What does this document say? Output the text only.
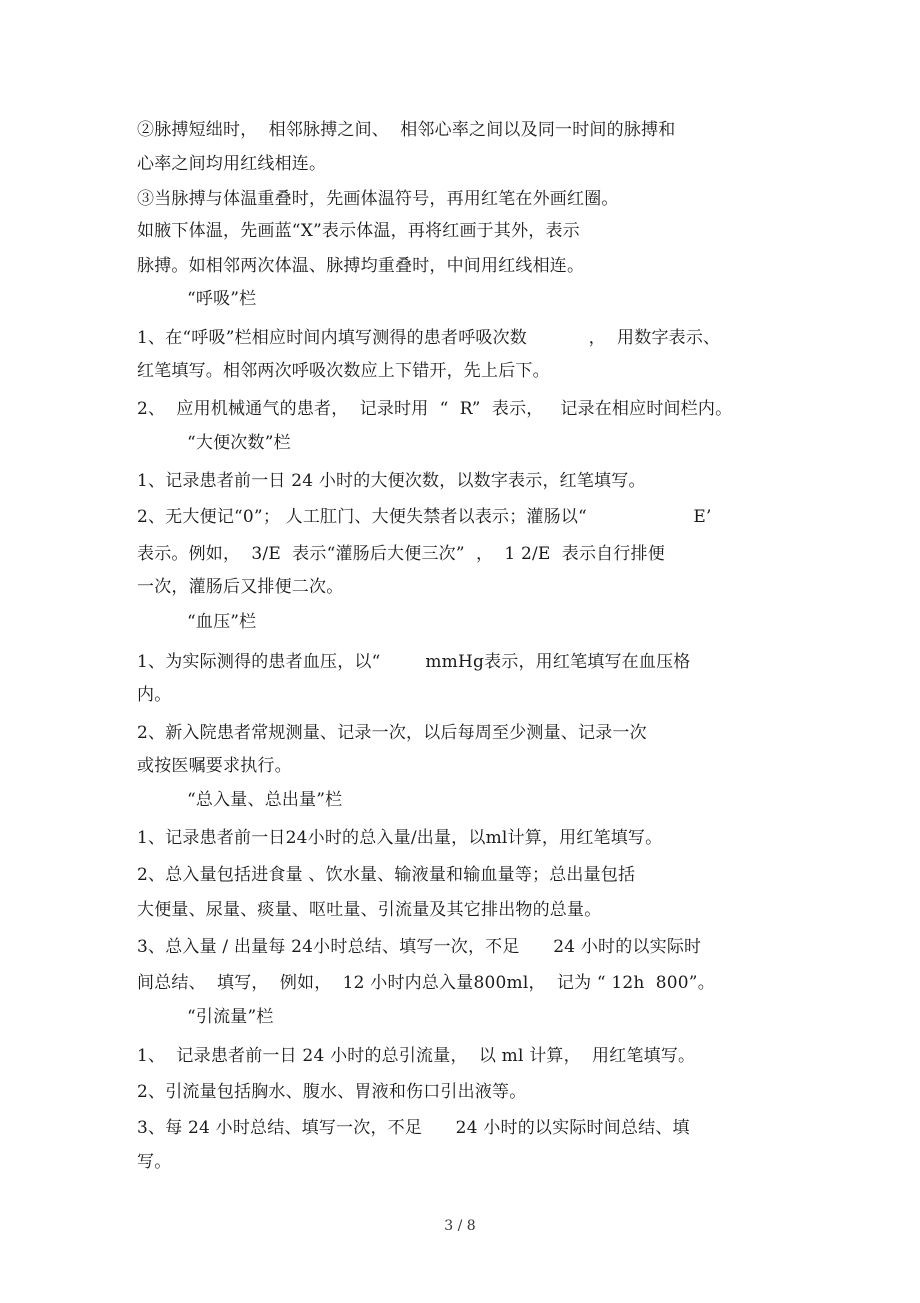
②脉搏短绌时，  相邻脉搏之间、  相邻心率之间以及同一时间的脉搏和
心率之间均用红线相连。
③当脉搏与体温重叠时，先画体温符号，再用红笔在外画红圈。
如腋下体温，先画蓝“X”表示体温，再将红画于其外，表示
脉搏。如相邻两次体温、脉搏均重叠时，中间用红线相连。
“呼吸”栏
1、在“呼吸”栏相应时间内填写测得的患者呼吸次数           ，  用数字表示、
红笔填写。相邻两次呼吸次数应上下错开，先上后下。
2、  应用机械通气的患者，  记录时用  “  R”  表示，   记录在相应时间栏内。
“大便次数”栏
1、记录患者前一日 24 小时的大便次数，以数字表示，红笔填写。
2、无大便记“0”； 人工肛门、大便失禁者以表示；灌肠以“                   E’
表示。例如，  3/E  表示“灌肠后大便三次”  ，  1 2/E  表示自行排便
一次，灌肠后又排便二次。
“血压”栏
1、为实际测得的患者血压，以“        mmHg表示，用红笔填写在血压格
内。
2、新入院患者常规测量、记录一次，以后每周至少测量、记录一次
或按医嘱要求执行。
“总入量、总出量”栏
1、记录患者前一日24小时的总入量/出量，以ml计算，用红笔填写。
2、总入量包括进食量 、饮水量、输液量和输血量等；总出量包括
大便量、尿量、痰量、呕吐量、引流量及其它排出物的总量。
3、总入量 / 出量每 24小时总结、填写一次，不足      24 小时的以实际时
间总结、  填写，  例如，  12 小时内总入量800ml，  记为 “ 12h  800”。
“引流量”栏
1、  记录患者前一日 24 小时的总引流量，  以 ml 计算，  用红笔填写。
2、引流量包括胸水、腹水、胃液和伤口引出液等。
3、每 24 小时总结、填写一次，不足      24 小时的以实际时间总结、填
写。
3 / 8
